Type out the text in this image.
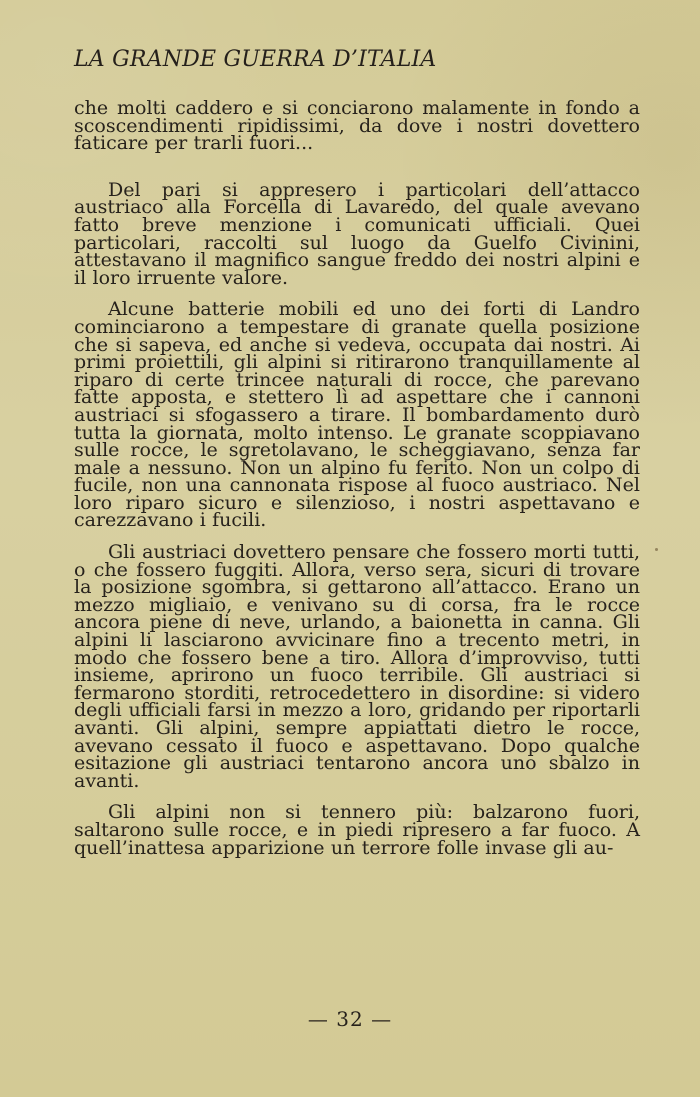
LA GRANDE GUERRA D’ITALIA

che molti caddero e si conciarono malamente in fondo a scoscendimenti ripidissimi, da dove i nostri dovettero faticare per trarli fuori...

Del pari si appresero i particolari dell’attacco austriaco alla Forcella di Lavaredo, del quale avevano fatto breve menzione i comunicati ufficiali. Quei particolari, raccolti sul luogo da Guelfo Civinini, attestavano il magnifico sangue freddo dei nostri alpini e il loro irruente valore.

Alcune batterie mobili ed uno dei forti di Landro cominciarono a tempestare di granate quella posizione che si sapeva, ed anche si vedeva, occupata dai nostri. Ai primi proiettili, gli alpini si ritirarono tranquillamente al riparo di certe trincee naturali di rocce, che parevano fatte apposta, e stettero lì ad aspettare che i cannoni austriaci si sfogassero a tirare. Il bombardamento durò tutta la giornata, molto intenso. Le granate scoppiavano sulle rocce, le sgretolavano, le scheggiavano, senza far male a nessuno. Non un alpino fu ferito. Non un colpo di fucile, non una cannonata rispose al fuoco austriaco. Nel loro riparo sicuro e silenzioso, i nostri aspettavano e carezzavano i fucili.

Gli austriaci dovettero pensare che fossero morti tutti, o che fossero fuggiti. Allora, verso sera, sicuri di trovare la posizione sgombra, si gettarono all’attacco. Erano un mezzo migliaio, e venivano su di corsa, fra le rocce ancora piene di neve, urlando, a baionetta in canna. Gli alpini li lasciarono avvicinare fino a trecento metri, in modo che fossero bene a tiro. Allora d’improvviso, tutti insieme, aprirono un fuoco terribile. Gli austriaci si fermarono storditi, retrocedettero in disordine: si videro degli ufficiali farsi in mezzo a loro, gridando per riportarli avanti. Gli alpini, sempre appiattati dietro le rocce, avevano cessato il fuoco e aspettavano. Dopo qualche esitazione gli austriaci tentarono ancora uno sbalzo in avanti.

Gli alpini non si tennero più: balzarono fuori, saltarono sulle rocce, e in piedi ripresero a far fuoco. A quell’inattesa apparizione un terrore folle invase gli au-

— 32 —
